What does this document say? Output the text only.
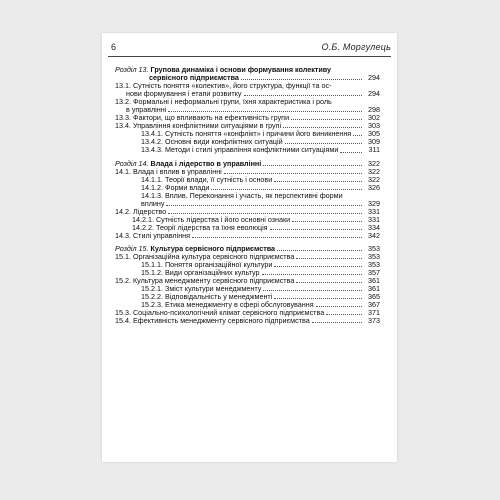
6	О.Б. Моргулець
Розділ 13. Групова динаміка і основи формування колективу
сервісного підприємства	294
13.1. Сутність поняття «колектив», його структура, функції та ос-
нови формування і етапи розвитку	294
13.2. Формальні і неформальні групи, їхня характеристика і роль
в управлінні	298
13.3. Фактори, що впливають на ефективність групи	302
13.4. Управління конфліктними ситуаціями в групі	303
13.4.1. Сутність поняття «конфлікт» і причини його виникнення	305
13.4.2. Основні види конфліктних ситуацій	309
13.4.3. Методи і стилі управління конфліктними ситуаціями	311
Розділ 14. Влада і лідерство в управлінні	322
14.1. Влада і вплив в управлінні	322
14.1.1. Теорії влади, її сутність і основи	322
14.1.2. Форми влади	326
14.1.3. Вплив. Переконання і участь, як перспективні форми
вплину	329
14.2. Лідерство	331
14.2.1. Сутність лідерства і його основні ознаки	331
14.2.2. Теорії лідерства та їхня еволюція	334
14.3. Стилі управління	342
Розділ 15. Культура сервісного підприємства	353
15.1. Організаційна культура сервісного підприємства	353
15.1.1. Поняття організаційної культури	353
15.1.2. Види організаційних культур	357
15.2. Культура менеджменту сервісного підприємства	361
15.2.1. Зміст культури менеджменту	361
15.2.2. Відповідальність у менеджменті	365
15.2.3. Етика менеджменту в сфері обслуговування	367
15.3. Соціально-психологічний клімат сервісного підприємства	371
15.4. Ефективність менеджменту сервісного підприємства	373
